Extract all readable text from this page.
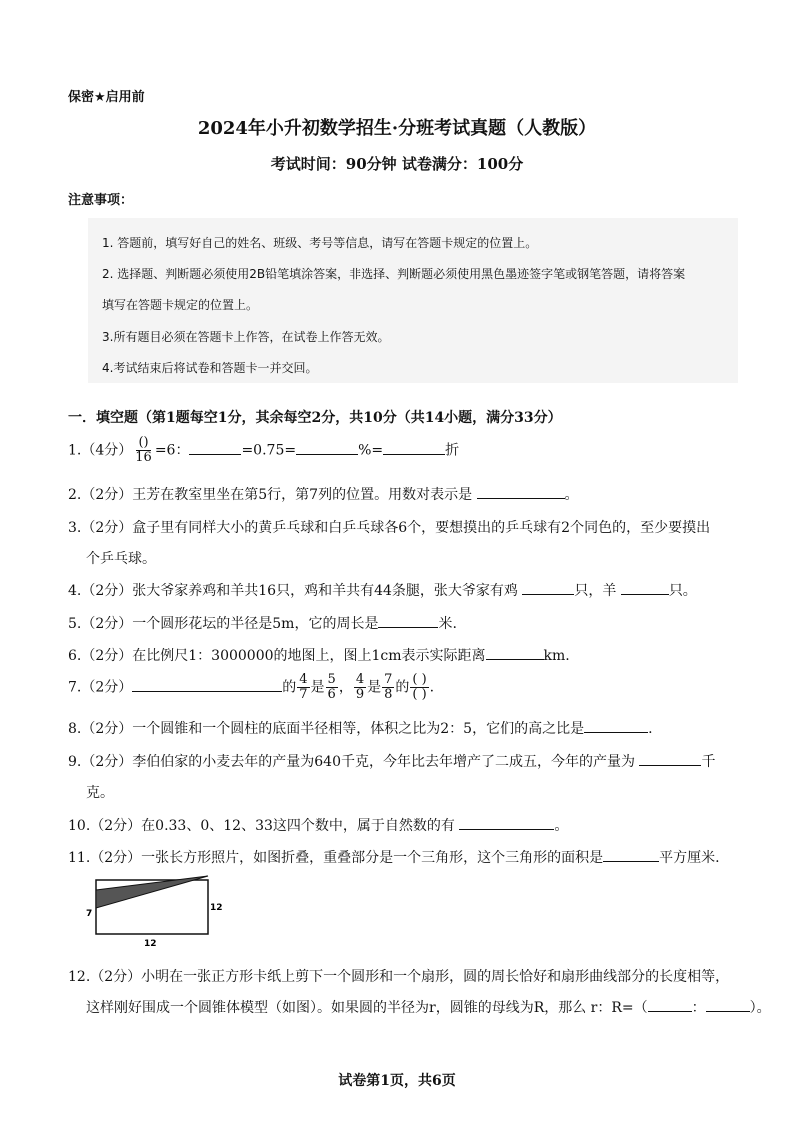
保密★启用前
2024年小升初数学招生·分班考试真题（人教版）
考试时间：90分钟 试卷满分：100分
注意事项：
1. 答题前，填写好自己的姓名、班级、考号等信息，请写在答题卡规定的位置上。
2. 选择题、判断题必须使用2B铅笔填涂答案，非选择、判断题必须使用黑色墨迹签字笔或钢笔答题，请将答案
填写在答题卡规定的位置上。
3.所有题目必须在答题卡上作答，在试卷上作答无效。
4.考试结束后将试卷和答题卡一并交回。
一．填空题（第1题每空1分，其余每空2分，共10分（共14小题，满分33分）
1.（4分） $\frac{()}{16} =6$：	=0.75=	%=	折
2.（2分）王芳在教室里坐在第5行，第7列的位置。用数对表示是	。
3.（2分）盒子里有同样大小的黄乒乓球和白乒乓球各6个，要想摸出的乒乓球有2个同色的，至少要摸出
个乒乓球。
4.（2分）张大爷家养鸡和羊共16只，鸡和羊共有44条腿，张大爷家有鸡	只，羊	只。
5.（2分）一个圆形花坛的半径是5m，它的周长是	米.
6.（2分）在比例尺1：3000000的地图上，图上1cm表示实际距离	km.
7.（2分）	的 $\frac{4}{7}$ 是 $\frac{5}{6}$ ， $\frac{4}{9}$ 是 $\frac{7}{8}$ 的 $\frac{( )}{( )}$ .
8.（2分）一个圆锥和一个圆柱的底面半径相等，体积之比为2：5，它们的高之比是	.
9.（2分）李伯伯家的小麦去年的产量为640千克，今年比去年增产了二成五，今年的产量为	千
克。
10.（2分）在0.33、0、12、33这四个数中，属于自然数的有	。
11.（2分）一张长方形照片，如图折叠，重叠部分是一个三角形，这个三角形的面积是	平方厘米.
7
12
12
12.（2分）小明在一张正方形卡纸上剪下一个圆形和一个扇形，圆的周长恰好和扇形曲线部分的长度相等，
这样刚好围成一个圆锥体模型（如图）。如果圆的半径为r，圆锥的母线为R，那么 r：R=（	：	）。
试卷第1页，共6页
